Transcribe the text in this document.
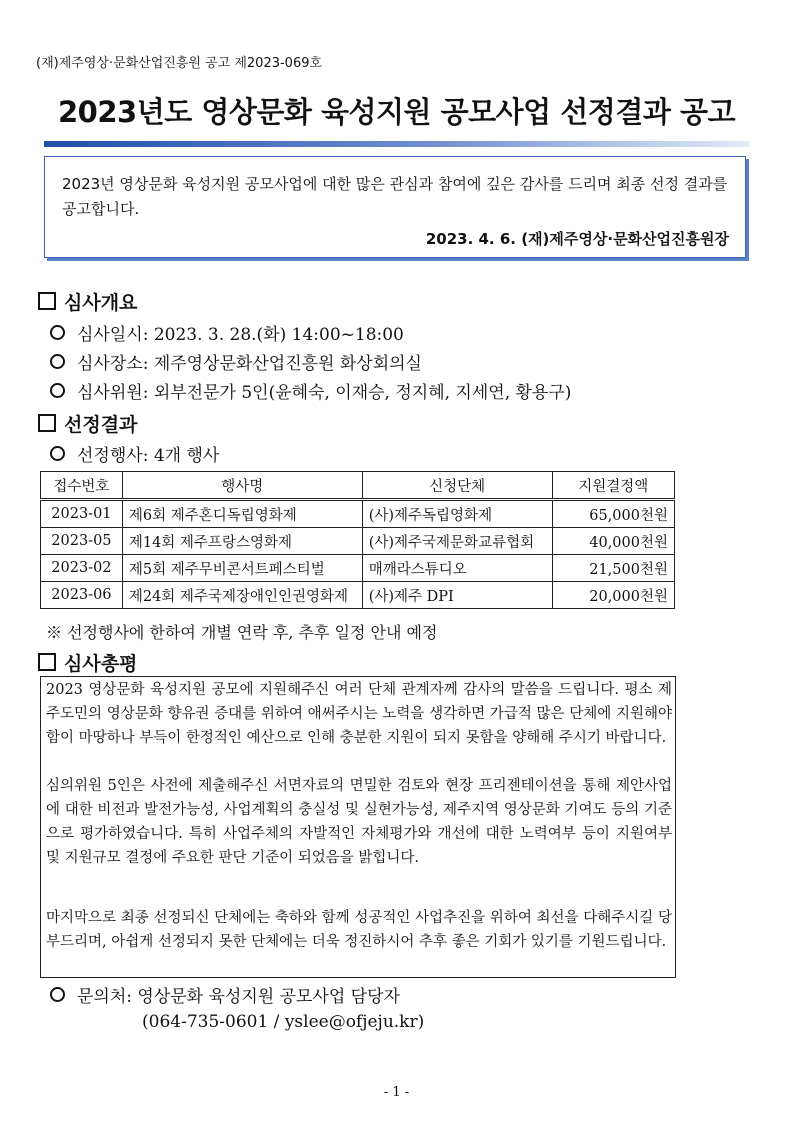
(재)제주영상·문화산업진흥원 공고 제2023-069호
2023년도 영상문화 육성지원 공모사업 선정결과 공고
2023년 영상문화 육성지원 공모사업에 대한 많은 관심과 참여에 깊은 감사를 드리며 최종 선정 결과를 공고합니다.
2023. 4. 6. (재)제주영상·문화산업진흥원장
심사개요
심사일시: 2023. 3. 28.(화) 14:00~18:00
심사장소: 제주영상문화산업진흥원 화상회의실
심사위원: 외부전문가 5인(윤혜숙, 이재승, 정지혜, 지세연, 황용구)
선정결과
선정행사: 4개 행사
접수번호	행사명	신청단체	지원결정액
2023-01	제6회 제주혼디독립영화제	(사)제주독립영화제	65,000천원
2023-05	제14회 제주프랑스영화제	(사)제주국제문화교류협회	40,000천원
2023-02	제5회 제주무비콘서트페스티벌	매깨라스튜디오	21,500천원
2023-06	제24회 제주국제장애인인권영화제	(사)제주 DPI	20,000천원
※ 선정행사에 한하여 개별 연락 후, 추후 일정 안내 예정
심사총평
2023 영상문화 육성지원 공모에 지원해주신 여러 단체 관계자께 감사의 말씀을 드립니다. 평소 제주도민의 영상문화 향유권 증대를 위하여 애써주시는 노력을 생각하면 가급적 많은 단체에 지원해야 함이 마땅하나 부득이 한정적인 예산으로 인해 충분한 지원이 되지 못함을 양해해 주시기 바랍니다.
심의위원 5인은 사전에 제출해주신 서면자료의 면밀한 검토와 현장 프리젠테이션을 통해 제안사업에 대한 비전과 발전가능성, 사업계획의 충실성 및 실현가능성, 제주지역 영상문화 기여도 등의 기준으로 평가하였습니다. 특히 사업주체의 자발적인 자체평가와 개선에 대한 노력여부 등이 지원여부 및 지원규모 결정에 주요한 판단 기준이 되었음을 밝힙니다.
마지막으로 최종 선정되신 단체에는 축하와 함께 성공적인 사업추진을 위하여 최선을 다해주시길 당부드리며, 아쉽게 선정되지 못한 단체에는 더욱 정진하시어 추후 좋은 기회가 있기를 기원드립니다.
문의처: 영상문화 육성지원 공모사업 담당자
(064-735-0601 / yslee@ofjeju.kr)
- 1 -
